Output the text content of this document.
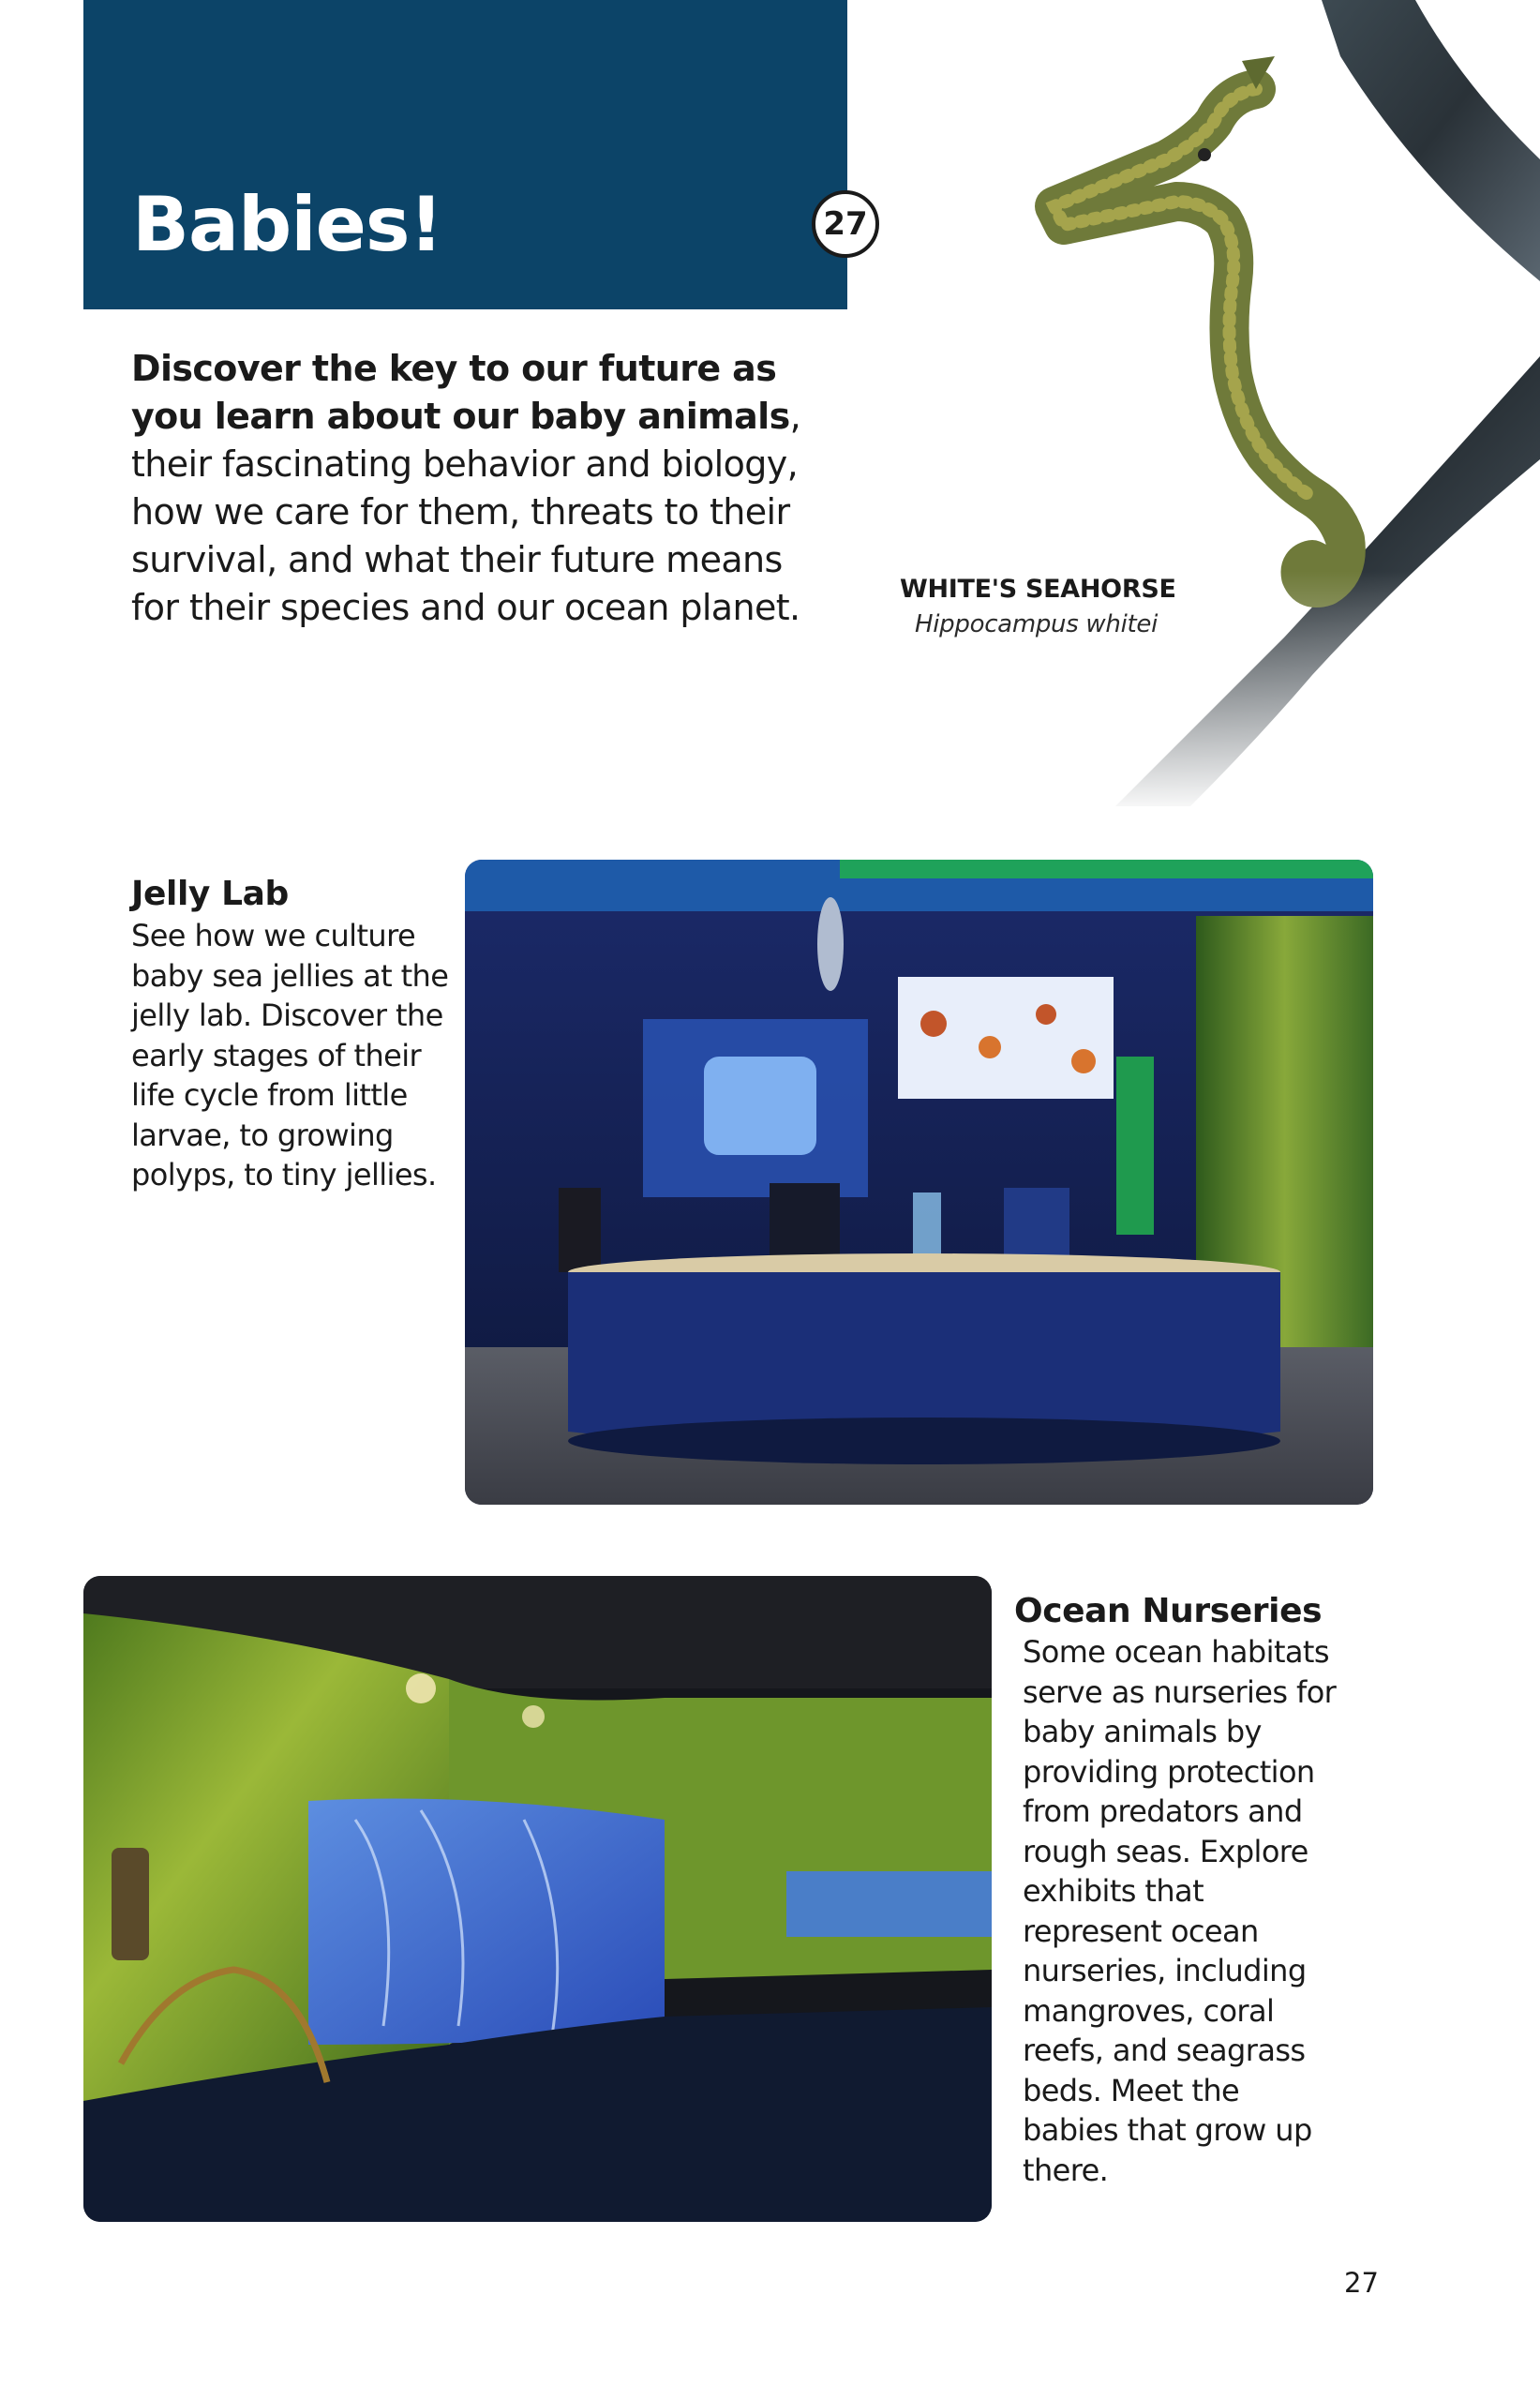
Babies!	27

Discover the key to our future as you learn about our baby animals, their fascinating behavior and biology, how we care for them, threats to their survival, and what their future means for their species and our ocean planet.	WHITE'S SEAHORSE
Hippocampus whitei
Jelly Lab

See how we culture baby sea jellies at the jelly lab. Discover the early stages of their life cycle from little larvae, to growing polyps, to tiny jellies.

Ocean Nurseries

Some ocean habitats serve as nurseries for baby animals by providing protection from predators and rough seas. Explore exhibits that represent ocean nurseries, including mangroves, coral reefs, and seagrass beds. Meet the babies that grow up there.

27
